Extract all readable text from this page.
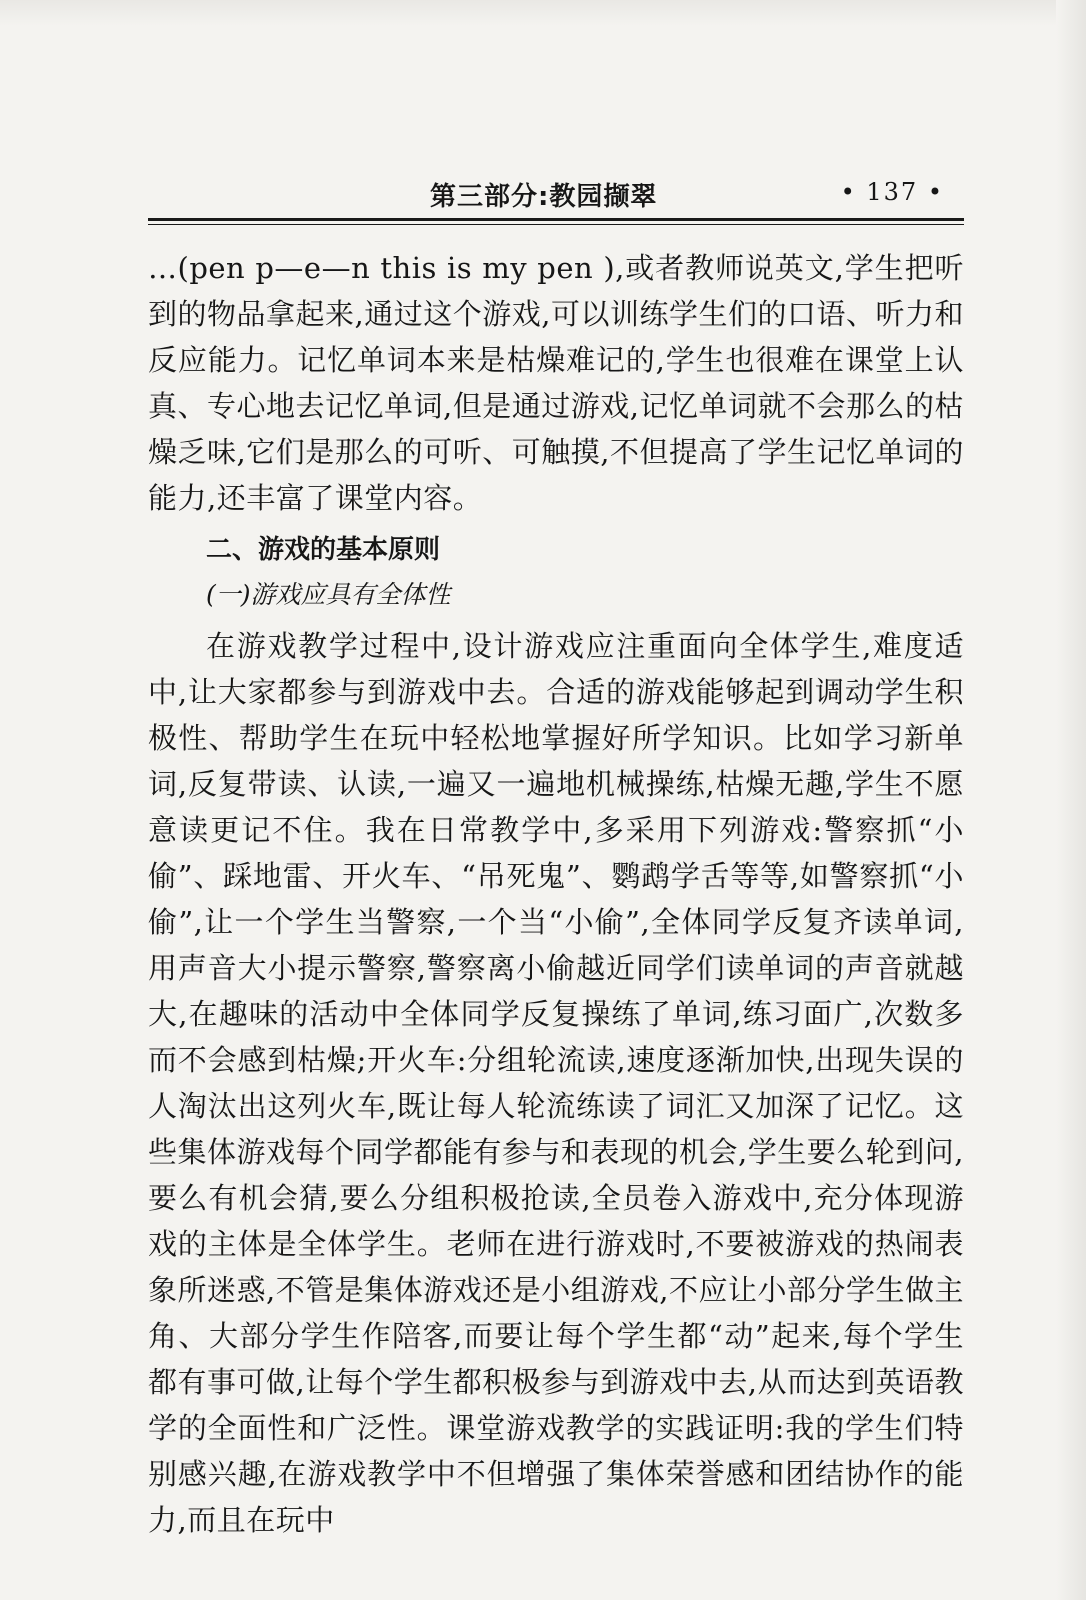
第三部分:教园撷翠	• 137 •

…(pen p—e—n this is my pen ),或者教师说英文,学生把听到的物品拿起来,通过这个游戏,可以训练学生们的口语、听力和反应能力。记忆单词本来是枯燥难记的,学生也很难在课堂上认真、专心地去记忆单词,但是通过游戏,记忆单词就不会那么的枯燥乏味,它们是那么的可听、可触摸,不但提高了学生记忆单词的能力,还丰富了课堂内容。

二、游戏的基本原则

(一)游戏应具有全体性

在游戏教学过程中,设计游戏应注重面向全体学生,难度适中,让大家都参与到游戏中去。合适的游戏能够起到调动学生积极性、帮助学生在玩中轻松地掌握好所学知识。比如学习新单词,反复带读、认读,一遍又一遍地机械操练,枯燥无趣,学生不愿意读更记不住。我在日常教学中,多采用下列游戏:警察抓“小偷”、踩地雷、开火车、“吊死鬼”、鹦鹉学舌等等,如警察抓“小偷”,让一个学生当警察,一个当“小偷”,全体同学反复齐读单词,用声音大小提示警察,警察离小偷越近同学们读单词的声音就越大,在趣味的活动中全体同学反复操练了单词,练习面广,次数多而不会感到枯燥;开火车:分组轮流读,速度逐渐加快,出现失误的人淘汰出这列火车,既让每人轮流练读了词汇又加深了记忆。这些集体游戏每个同学都能有参与和表现的机会,学生要么轮到问,要么有机会猜,要么分组积极抢读,全员卷入游戏中,充分体现游戏的主体是全体学生。老师在进行游戏时,不要被游戏的热闹表象所迷惑,不管是集体游戏还是小组游戏,不应让小部分学生做主角、大部分学生作陪客,而要让每个学生都“动”起来,每个学生都有事可做,让每个学生都积极参与到游戏中去,从而达到英语教学的全面性和广泛性。课堂游戏教学的实践证明:我的学生们特别感兴趣,在游戏教学中不但增强了集体荣誉感和团结协作的能力,而且在玩中
